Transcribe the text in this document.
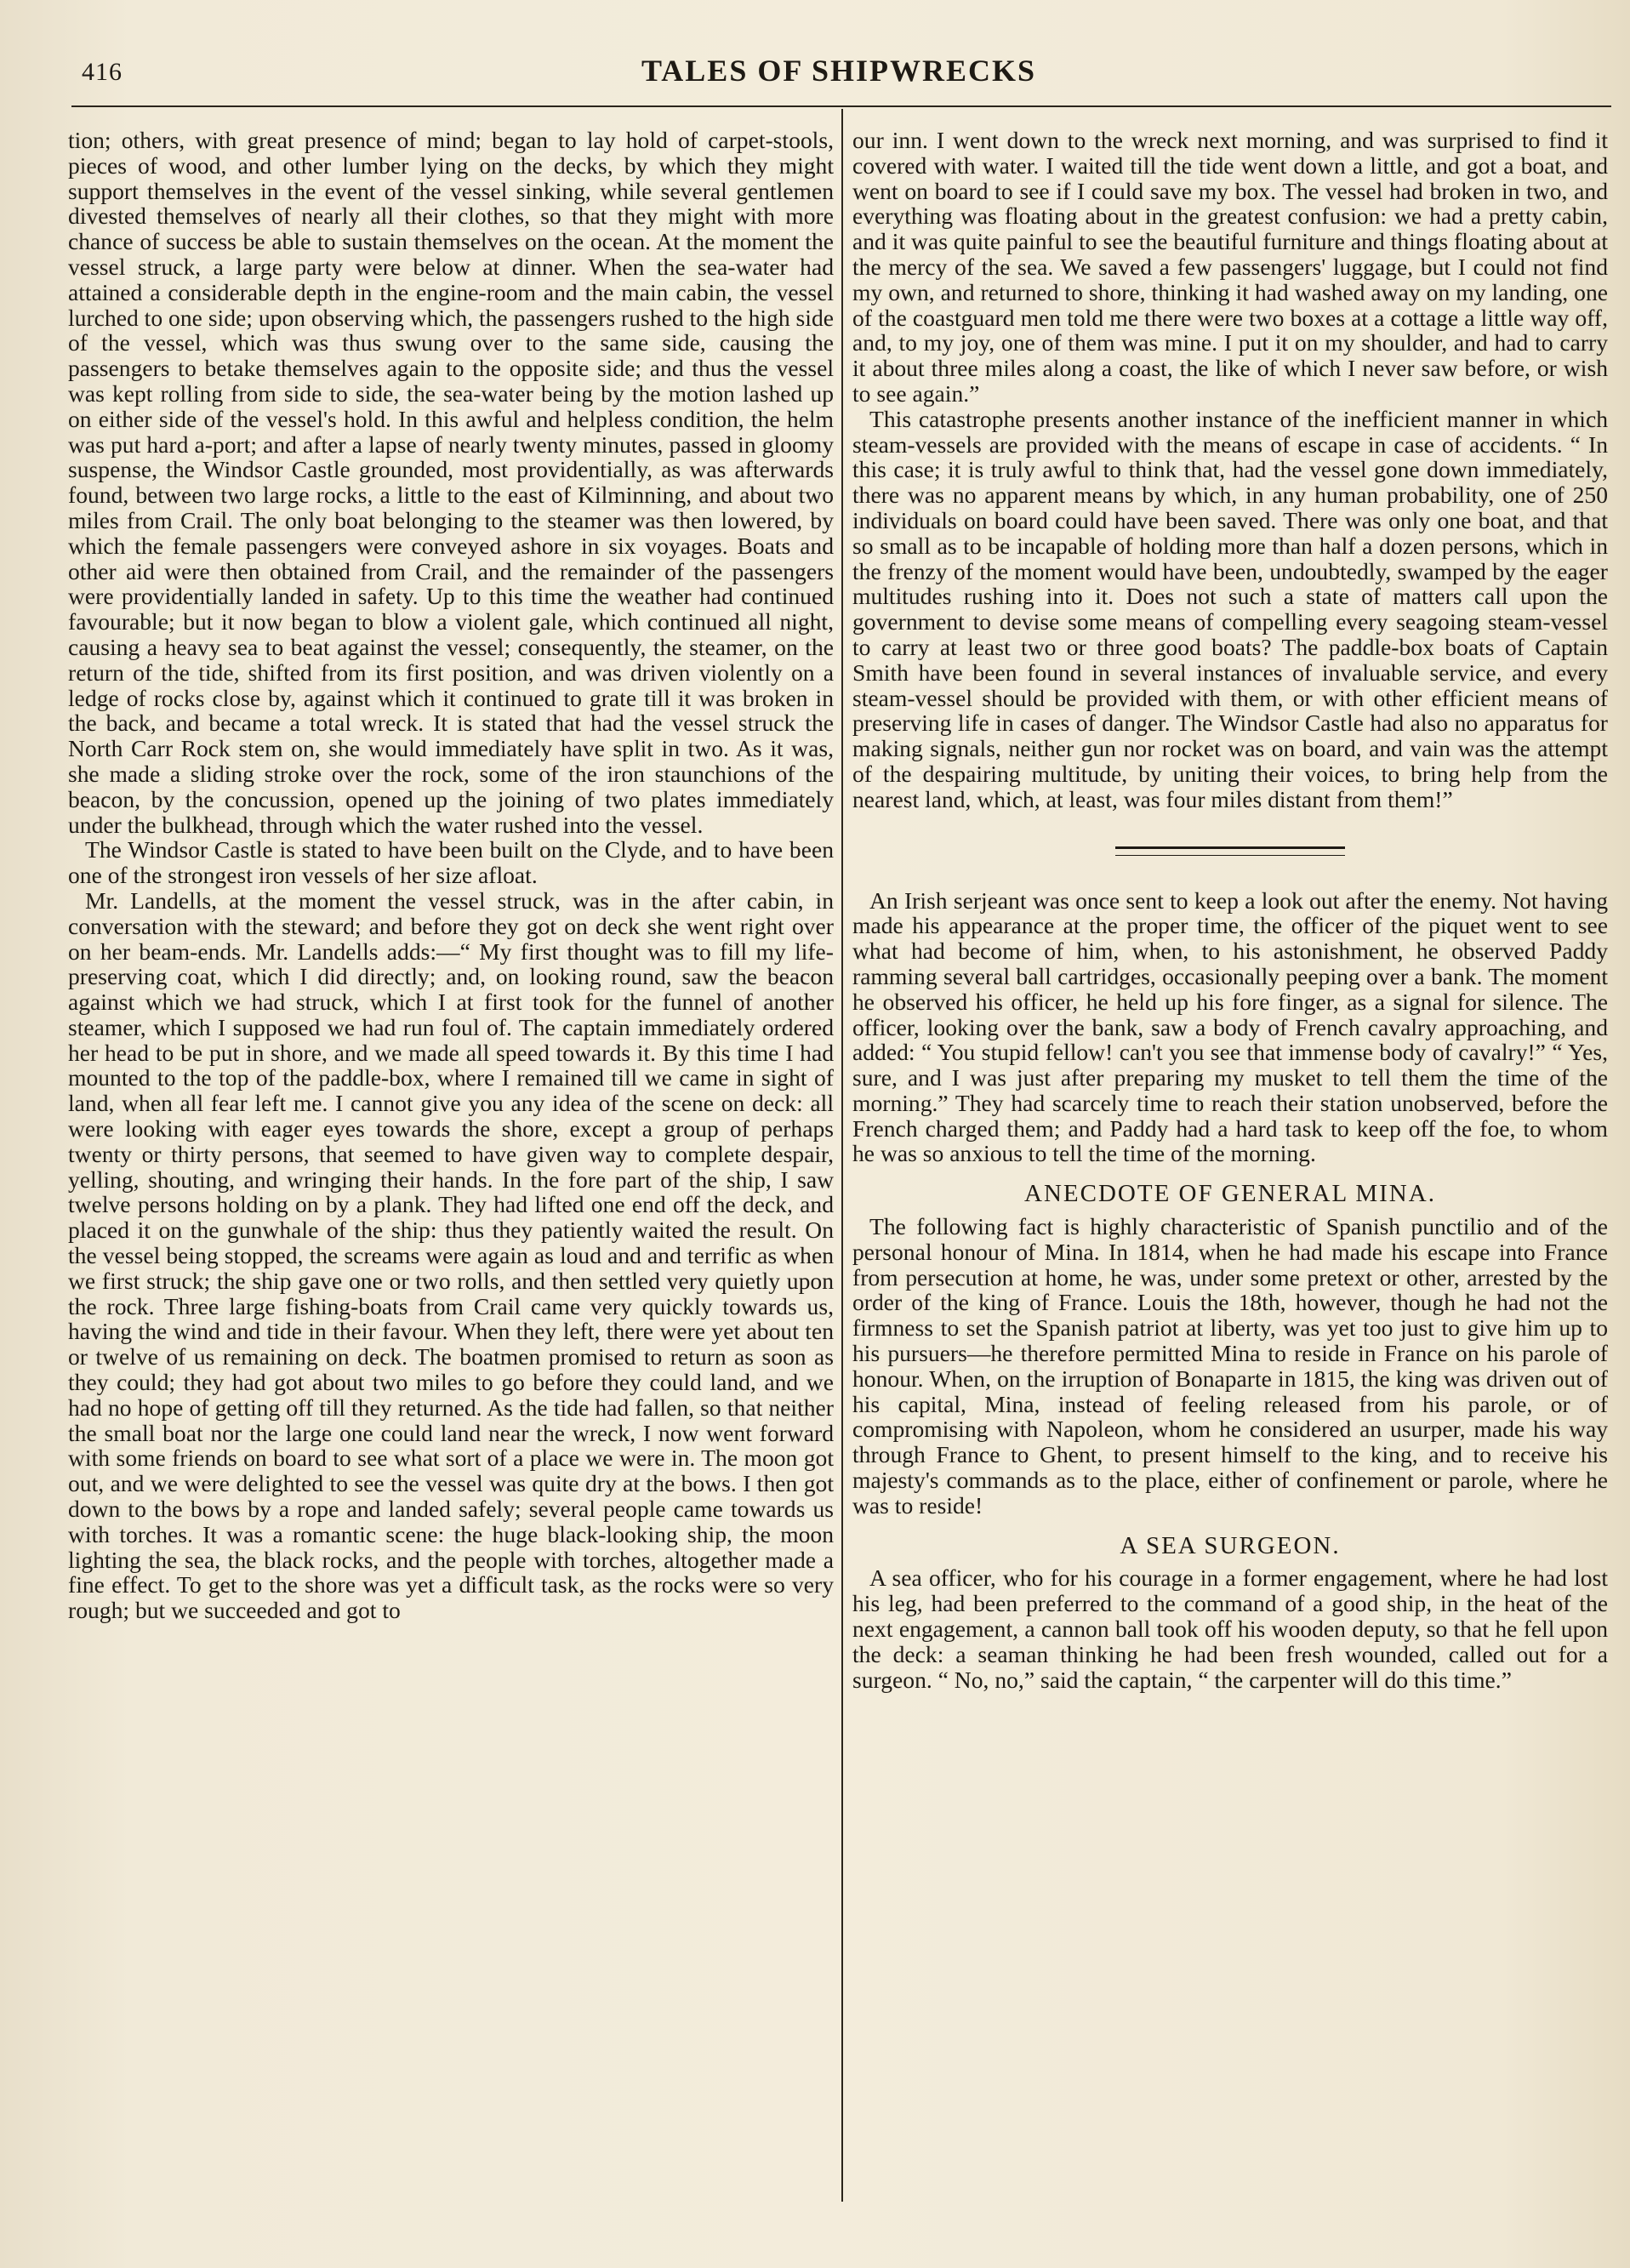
416	TALES OF SHIPWRECKS

tion; others, with great presence of mind; began to lay hold of carpet-stools, pieces of wood, and other lumber lying on the decks, by which they might support themselves in the event of the vessel sinking, while several gentlemen divested themselves of nearly all their clothes, so that they might with more chance of success be able to sustain themselves on the ocean. At the moment the vessel struck, a large party were below at dinner. When the sea-water had attained a considerable depth in the engine-room and the main cabin, the vessel lurched to one side; upon observing which, the passengers rushed to the high side of the vessel, which was thus swung over to the same side, causing the passengers to betake themselves again to the opposite side; and thus the vessel was kept rolling from side to side, the sea-water being by the motion lashed up on either side of the vessel's hold. In this awful and helpless condition, the helm was put hard a-port; and after a lapse of nearly twenty minutes, passed in gloomy suspense, the Windsor Castle grounded, most providentially, as was afterwards found, between two large rocks, a little to the east of Kilminning, and about two miles from Crail. The only boat belonging to the steamer was then lowered, by which the female passengers were conveyed ashore in six voyages. Boats and other aid were then obtained from Crail, and the remainder of the passengers were providentially landed in safety. Up to this time the weather had continued favourable; but it now began to blow a violent gale, which continued all night, causing a heavy sea to beat against the vessel; consequently, the steamer, on the return of the tide, shifted from its first position, and was driven violently on a ledge of rocks close by, against which it continued to grate till it was broken in the back, and became a total wreck. It is stated that had the vessel struck the North Carr Rock stem on, she would immediately have split in two. As it was, she made a sliding stroke over the rock, some of the iron staunchions of the beacon, by the concussion, opened up the joining of two plates immediately under the bulkhead, through which the water rushed into the vessel.

The Windsor Castle is stated to have been built on the Clyde, and to have been one of the strongest iron vessels of her size afloat.

Mr. Landells, at the moment the vessel struck, was in the after cabin, in conversation with the steward; and before they got on deck she went right over on her beam-ends. Mr. Landells adds:—“ My first thought was to fill my life-preserving coat, which I did directly; and, on looking round, saw the beacon against which we had struck, which I at first took for the funnel of another steamer, which I supposed we had run foul of. The captain immediately ordered her head to be put in shore, and we made all speed towards it. By this time I had mounted to the top of the paddle-box, where I remained till we came in sight of land, when all fear left me. I cannot give you any idea of the scene on deck: all were looking with eager eyes towards the shore, except a group of perhaps twenty or thirty persons, that seemed to have given way to complete despair, yelling, shouting, and wringing their hands. In the fore part of the ship, I saw twelve persons holding on by a plank. They had lifted one end off the deck, and placed it on the gunwhale of the ship: thus they patiently waited the result. On the vessel being stopped, the screams were again as loud and and terrific as when we first struck; the ship gave one or two rolls, and then settled very quietly upon the rock. Three large fishing-boats from Crail came very quickly towards us, having the wind and tide in their favour. When they left, there were yet about ten or twelve of us remaining on deck. The boatmen promised to return as soon as they could; they had got about two miles to go before they could land, and we had no hope of getting off till they returned. As the tide had fallen, so that neither the small boat nor the large one could land near the wreck, I now went forward with some friends on board to see what sort of a place we were in. The moon got out, and we were delighted to see the vessel was quite dry at the bows. I then got down to the bows by a rope and landed safely; several people came towards us with torches. It was a romantic scene: the huge black-looking ship, the moon lighting the sea, the black rocks, and the people with torches, altogether made a fine effect. To get to the shore was yet a difficult task, as the rocks were so very rough; but we succeeded and got to

our inn. I went down to the wreck next morning, and was surprised to find it covered with water. I waited till the tide went down a little, and got a boat, and went on board to see if I could save my box. The vessel had broken in two, and everything was floating about in the greatest confusion: we had a pretty cabin, and it was quite painful to see the beautiful furniture and things floating about at the mercy of the sea. We saved a few passengers' luggage, but I could not find my own, and returned to shore, thinking it had washed away on my landing, one of the coastguard men told me there were two boxes at a cottage a little way off, and, to my joy, one of them was mine. I put it on my shoulder, and had to carry it about three miles along a coast, the like of which I never saw before, or wish to see again.”

This catastrophe presents another instance of the inefficient manner in which steam-vessels are provided with the means of escape in case of accidents. “ In this case; it is truly awful to think that, had the vessel gone down immediately, there was no apparent means by which, in any human probability, one of 250 individuals on board could have been saved. There was only one boat, and that so small as to be incapable of holding more than half a dozen persons, which in the frenzy of the moment would have been, undoubtedly, swamped by the eager multitudes rushing into it. Does not such a state of matters call upon the government to devise some means of compelling every seagoing steam-vessel to carry at least two or three good boats? The paddle-box boats of Captain Smith have been found in several instances of invaluable service, and every steam-vessel should be provided with them, or with other efficient means of preserving life in cases of danger. The Windsor Castle had also no apparatus for making signals, neither gun nor rocket was on board, and vain was the attempt of the despairing multitude, by uniting their voices, to bring help from the nearest land, which, at least, was four miles distant from them!”

An Irish serjeant was once sent to keep a look out after the enemy. Not having made his appearance at the proper time, the officer of the piquet went to see what had become of him, when, to his astonishment, he observed Paddy ramming several ball cartridges, occasionally peeping over a bank. The moment he observed his officer, he held up his fore finger, as a signal for silence. The officer, looking over the bank, saw a body of French cavalry approaching, and added: “ You stupid fellow! can't you see that immense body of cavalry!” “ Yes, sure, and I was just after preparing my musket to tell them the time of the morning.” They had scarcely time to reach their station unobserved, before the French charged them; and Paddy had a hard task to keep off the foe, to whom he was so anxious to tell the time of the morning.

ANECDOTE OF GENERAL MINA.

The following fact is highly characteristic of Spanish punctilio and of the personal honour of Mina. In 1814, when he had made his escape into France from persecution at home, he was, under some pretext or other, arrested by the order of the king of France. Louis the 18th, however, though he had not the firmness to set the Spanish patriot at liberty, was yet too just to give him up to his pursuers—he therefore permitted Mina to reside in France on his parole of honour. When, on the irruption of Bonaparte in 1815, the king was driven out of his capital, Mina, instead of feeling released from his parole, or of compromising with Napoleon, whom he considered an usurper, made his way through France to Ghent, to present himself to the king, and to receive his majesty's commands as to the place, either of confinement or parole, where he was to reside!

A SEA SURGEON.

A sea officer, who for his courage in a former engagement, where he had lost his leg, had been preferred to the command of a good ship, in the heat of the next engagement, a cannon ball took off his wooden deputy, so that he fell upon the deck: a seaman thinking he had been fresh wounded, called out for a surgeon. “ No, no,” said the captain, “ the carpenter will do this time.”
